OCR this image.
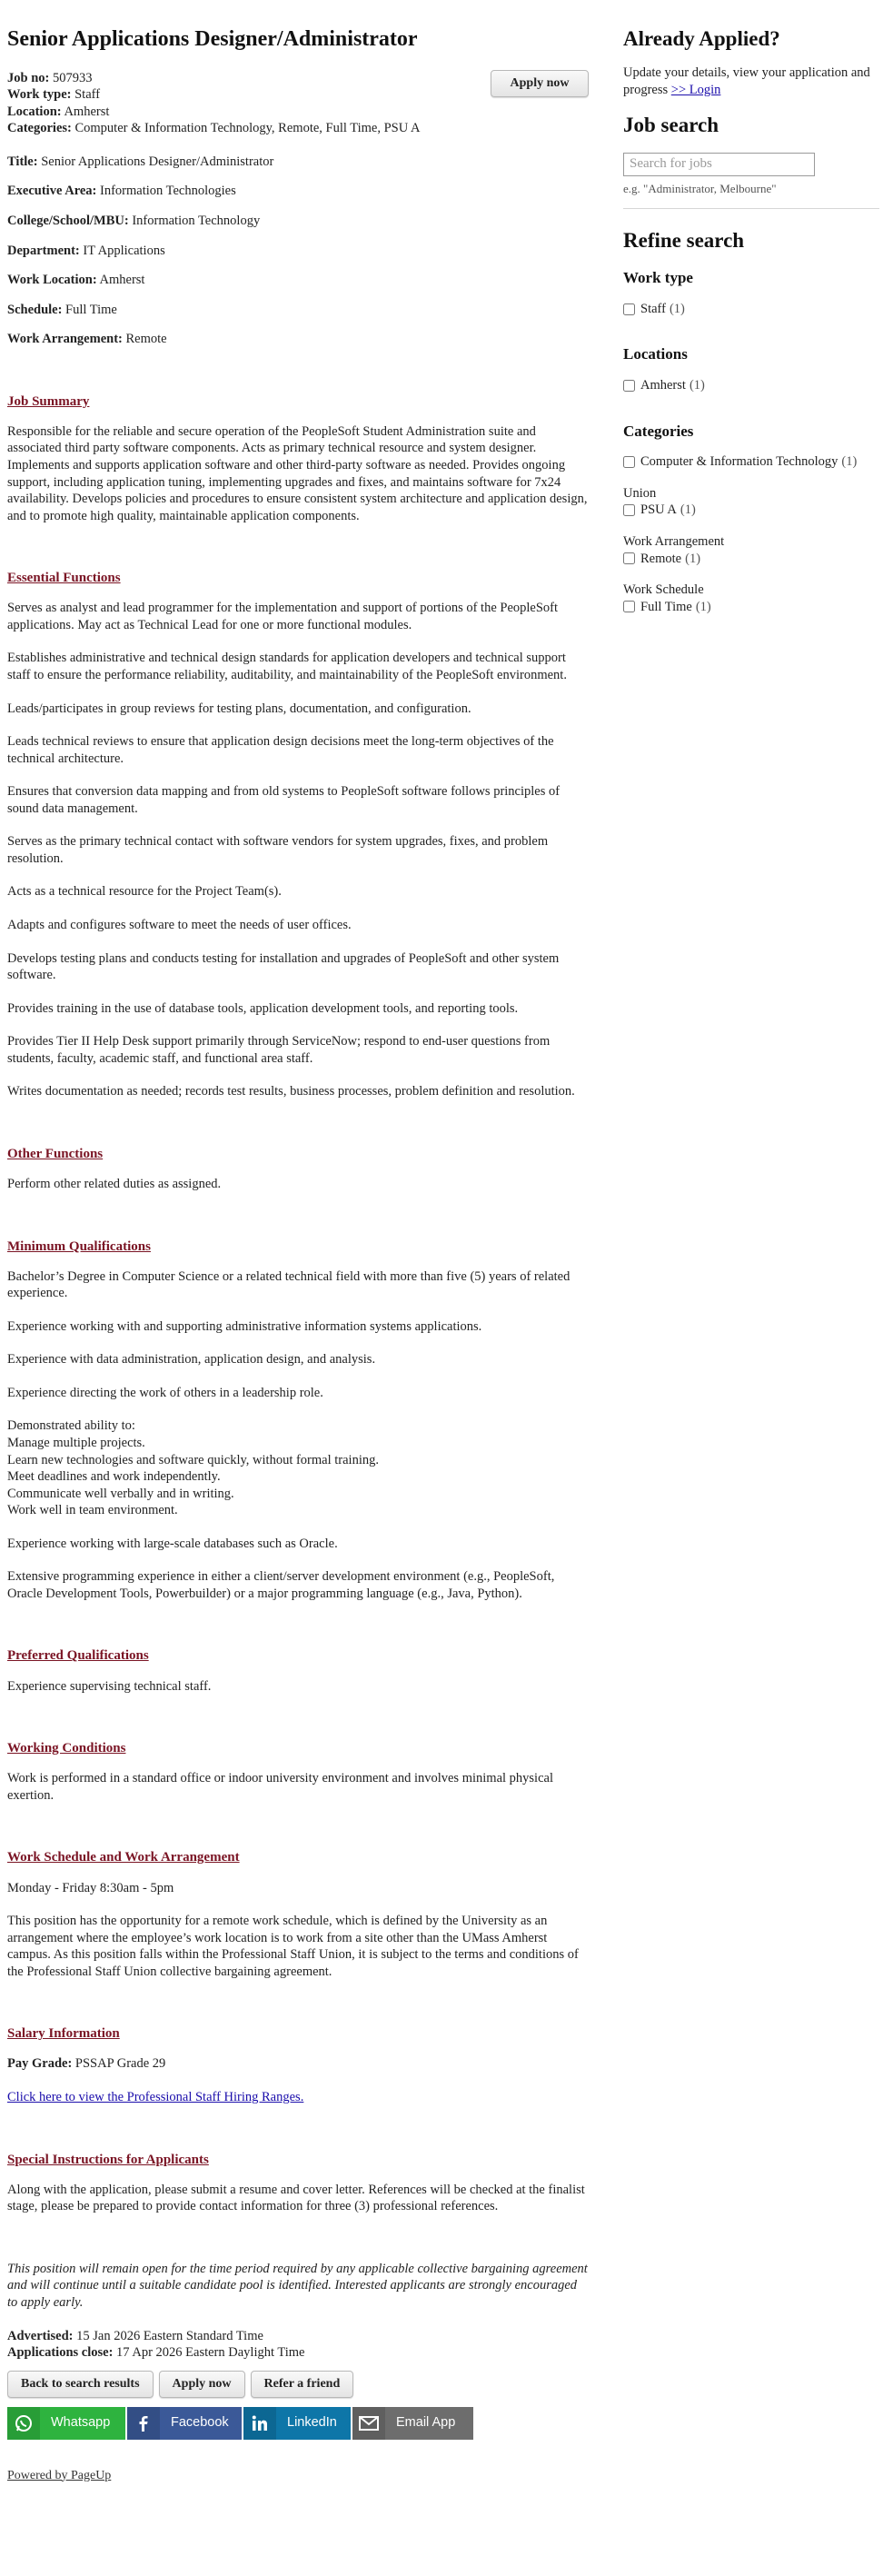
Senior Applications Designer/Administrator

Job no: 507933

Work type: Staff

Location: Amherst

Categories: Computer & Information Technology, Remote, Full Time, PSU A

Apply now

Title: Senior Applications Designer/Administrator

Executive Area: Information Technologies

College/School/MBU: Information Technology

Department: IT Applications

Work Location: Amherst

Schedule: Full Time

Work Arrangement: Remote

Job Summary

Responsible for the reliable and secure operation of the PeopleSoft Student Administration suite and associated third party software components. Acts as primary technical resource and system designer. Implements and supports application software and other third-party software as needed. Provides ongoing support, including application tuning, implementing upgrades and fixes, and maintains software for 7x24 availability. Develops policies and procedures to ensure consistent system architecture and application design, and to promote high quality, maintainable application components.

Essential Functions

Serves as analyst and lead programmer for the implementation and support of portions of the PeopleSoft applications. May act as Technical Lead for one or more functional modules.

Establishes administrative and technical design standards for application developers and technical support staff to ensure the performance reliability, auditability, and maintainability of the PeopleSoft environment.

Leads/participates in group reviews for testing plans, documentation, and configuration.

Leads technical reviews to ensure that application design decisions meet the long-term objectives of the technical architecture.

Ensures that conversion data mapping and from old systems to PeopleSoft software follows principles of sound data management.

Serves as the primary technical contact with software vendors for system upgrades, fixes, and problem resolution.

Acts as a technical resource for the Project Team(s).

Adapts and configures software to meet the needs of user offices.

Develops testing plans and conducts testing for installation and upgrades of PeopleSoft and other system software.

Provides training in the use of database tools, application development tools, and reporting tools.

Provides Tier II Help Desk support primarily through ServiceNow; respond to end-user questions from students, faculty, academic staff, and functional area staff.

Writes documentation as needed; records test results, business processes, problem definition and resolution.

Other Functions

Perform other related duties as assigned.

Minimum Qualifications

Bachelor’s Degree in Computer Science or a related technical field with more than five (5) years of related experience.

Experience working with and supporting administrative information systems applications.

Experience with data administration, application design, and analysis.

Experience directing the work of others in a leadership role.

Demonstrated ability to:

Manage multiple projects.

Learn new technologies and software quickly, without formal training.

Meet deadlines and work independently.

Communicate well verbally and in writing.

Work well in team environment.

Experience working with large-scale databases such as Oracle.

Extensive programming experience in either a client/server development environment (e.g., PeopleSoft, Oracle Development Tools, Powerbuilder) or a major programming language (e.g., Java, Python).

Preferred Qualifications

Experience supervising technical staff.

Working Conditions

Work is performed in a standard office or indoor university environment and involves minimal physical exertion.

Work Schedule and Work Arrangement

Monday - Friday 8:30am - 5pm

This position has the opportunity for a remote work schedule, which is defined by the University as an arrangement where the employee’s work location is to work from a site other than the UMass Amherst campus. As this position falls within the Professional Staff Union, it is subject to the terms and conditions of the Professional Staff Union collective bargaining agreement.

Salary Information

Pay Grade: PSSAP Grade 29

Click here to view the Professional Staff Hiring Ranges.

Special Instructions for Applicants

Along with the application, please submit a resume and cover letter. References will be checked at the finalist stage, please be prepared to provide contact information for three (3) professional references.

This position will remain open for the time period required by any applicable collective bargaining agreement and will continue until a suitable candidate pool is identified. Interested applicants are strongly encouraged to apply early.

Advertised: 15 Jan 2026 Eastern Standard Time

Applications close: 17 Apr 2026 Eastern Daylight Time

Back to search results	Apply now	Refer a friend
Whatsapp	Facebook	LinkedIn	Email App
Powered by PageUp
Already Applied?

Update your details, view your application and progress >> Login

Job search
Search for jobs
e.g. "Administrator, Melbourne"
Refine search
Work type
Staff (1)
Locations
Amherst (1)
Categories
Computer & Information Technology (1)
Union
PSU A (1)
Work Arrangement
Remote (1)
Work Schedule
Full Time (1)
